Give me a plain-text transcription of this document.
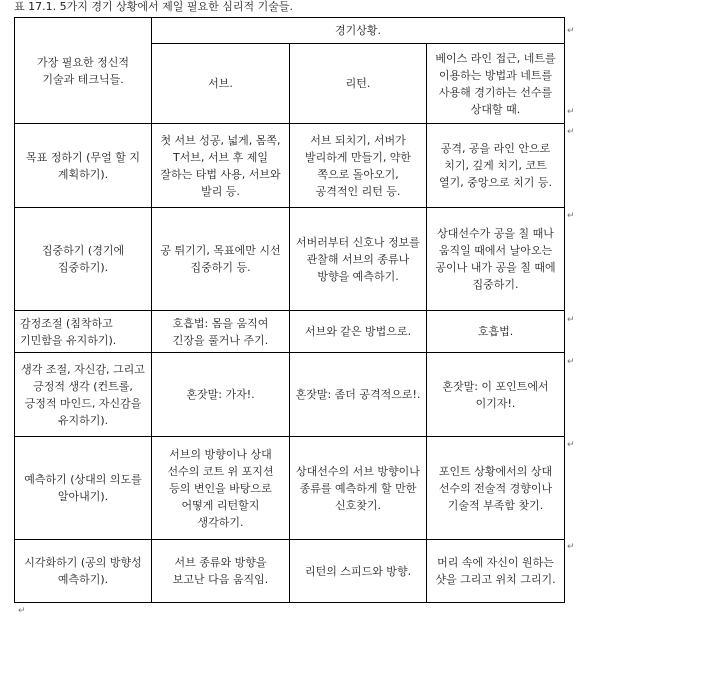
표 17.1. 5가지 경기 상황에서 제일 필요한 심리적 기술들.
가장 필요한 정신적 기술과 테크닉들.	경기상황.		
	서브.	리턴.	베이스 라인 접근, 네트를 이용하는 방법과 네트를 사용해 경기하는 선수를 상대할 때.
목표 정하기 (무얼 할 지 계획하기).	첫 서브 성공, 넓게, 몸쪽, T서브, 서브 후 제일 잘하는 타법 사용, 서브와 발리 등.	서브 되치기, 서버가 발리하게 만들기, 약한 쪽으로 돌아오기, 공격적인 리턴 등.	공격, 공을 라인 안으로 치기, 깊게 치기, 코트 열기, 중앙으로 치기 등.
집중하기 (경기에 집중하기).	공 튀기기, 목표에만 시선 집중하기 등.	서버러부터 신호나 정보를 관찰해 서브의 종류나 방향을 예측하기.	상대선수가 공을 칠 때나 움직일 때에서 날아오는 공이나 내가 공을 칠 때에 집중하기.
감정조절 (침착하고 기민함을 유지하기).	호흡법: 몸을 움직여 긴장을 풀거나 주기.	서브와 같은 방법으로.	호흡법.
생각 조절, 자신감, 그리고 긍정적 생각 (컨트롤, 긍정적 마인드, 자신감을 유지하기).	혼잣말: 가자!.	혼잣말: 좀더 공격적으로!.	혼잣말: 이 포인트에서 이기자!.
예측하기 (상대의 의도를 알아내기).	서브의 방향이나 상대 선수의 코트 위 포지션 등의 변인을 바탕으로 어떻게 리턴할지 생각하기.	상대선수의 서브 방향이나 종류를 예측하게 할 만한 신호찾기.	포인트 상황에서의 상대 선수의 전술적 경향이나 기술적 부족함 찾기.
시각화하기 (공의 방향성 예측하기).	서브 종류와 방향을 보고난 다음 움직임.	리턴의 스피드와 방향.	머리 속에 자신이 원하는 샷을 그리고 위치 그리기.
↵
↵
↵
↵
↵
↵
↵
↵
↵
